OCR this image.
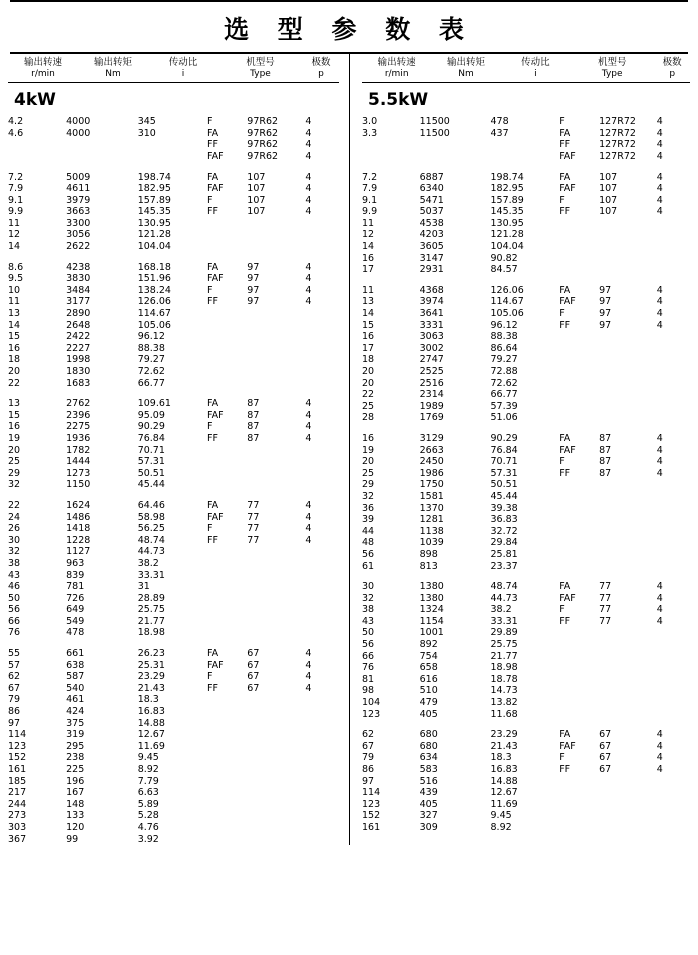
选 型 参 数 表
输出转速
r/min
输出转矩
Nm
传动比
i
机型号
Type
极数
p
4kW
4.2	4000	345	F	97R62	4
4.6	4000	310	FA	97R62	4
			FF	97R62	4
			FAF	97R62	4
7.2	5009	198.74	FA	107	4
7.9	4611	182.95	FAF	107	4
9.1	3979	157.89	F	107	4
9.9	3663	145.35	FF	107	4
11	3300	130.95			
12	3056	121.28			
14	2622	104.04			
8.6	4238	168.18	FA	97	4
9.5	3830	151.96	FAF	97	4
10	3484	138.24	F	97	4
11	3177	126.06	FF	97	4
13	2890	114.67			
14	2648	105.06			
15	2422	96.12			
16	2227	88.38			
18	1998	79.27			
20	1830	72.62			
22	1683	66.77			
13	2762	109.61	FA	87	4
15	2396	95.09	FAF	87	4
16	2275	90.29	F	87	4
19	1936	76.84	FF	87	4
20	1782	70.71			
25	1444	57.31			
29	1273	50.51			
32	1150	45.44			
22	1624	64.46	FA	77	4
24	1486	58.98	FAF	77	4
26	1418	56.25	F	77	4
30	1228	48.74	FF	77	4
32	1127	44.73			
38	963	38.2			
43	839	33.31			
46	781	31			
50	726	28.89			
56	649	25.75			
66	549	21.77			
76	478	18.98			
55	661	26.23	FA	67	4
57	638	25.31	FAF	67	4
62	587	23.29	F	67	4
67	540	21.43	FF	67	4
79	461	18.3			
86	424	16.83			
97	375	14.88			
114	319	12.67			
123	295	11.69			
152	238	9.45			
161	225	8.92			
185	196	7.79			
217	167	6.63			
244	148	5.89			
273	133	5.28			
303	120	4.76			
367	99	3.92			
输出转速
r/min
输出转矩
Nm
传动比
i
机型号
Type
极数
p
5.5kW
3.0	11500	478	F	127R72	4
3.3	11500	437	FA	127R72	4
			FF	127R72	4
			FAF	127R72	4
7.2	6887	198.74	FA	107	4
7.9	6340	182.95	FAF	107	4
9.1	5471	157.89	F	107	4
9.9	5037	145.35	FF	107	4
11	4538	130.95			
12	4203	121.28			
14	3605	104.04			
16	3147	90.82			
17	2931	84.57			
11	4368	126.06	FA	97	4
13	3974	114.67	FAF	97	4
14	3641	105.06	F	97	4
15	3331	96.12	FF	97	4
16	3063	88.38			
17	3002	86.64			
18	2747	79.27			
20	2525	72.88			
20	2516	72.62			
22	2314	66.77			
25	1989	57.39			
28	1769	51.06			
16	3129	90.29	FA	87	4
19	2663	76.84	FAF	87	4
20	2450	70.71	F	87	4
25	1986	57.31	FF	87	4
29	1750	50.51			
32	1581	45.44			
36	1370	39.38			
39	1281	36.83			
44	1138	32.72			
48	1039	29.84			
56	898	25.81			
61	813	23.37			
30	1380	48.74	FA	77	4
32	1380	44.73	FAF	77	4
38	1324	38.2	F	77	4
43	1154	33.31	FF	77	4
50	1001	29.89			
56	892	25.75			
66	754	21.77			
76	658	18.98			
81	616	18.78			
98	510	14.73			
104	479	13.82			
123	405	11.68			
62	680	23.29	FA	67	4
67	680	21.43	FAF	67	4
79	634	18.3	F	67	4
86	583	16.83	FF	67	4
97	516	14.88			
114	439	12.67			
123	405	11.69			
152	327	9.45			
161	309	8.92			
